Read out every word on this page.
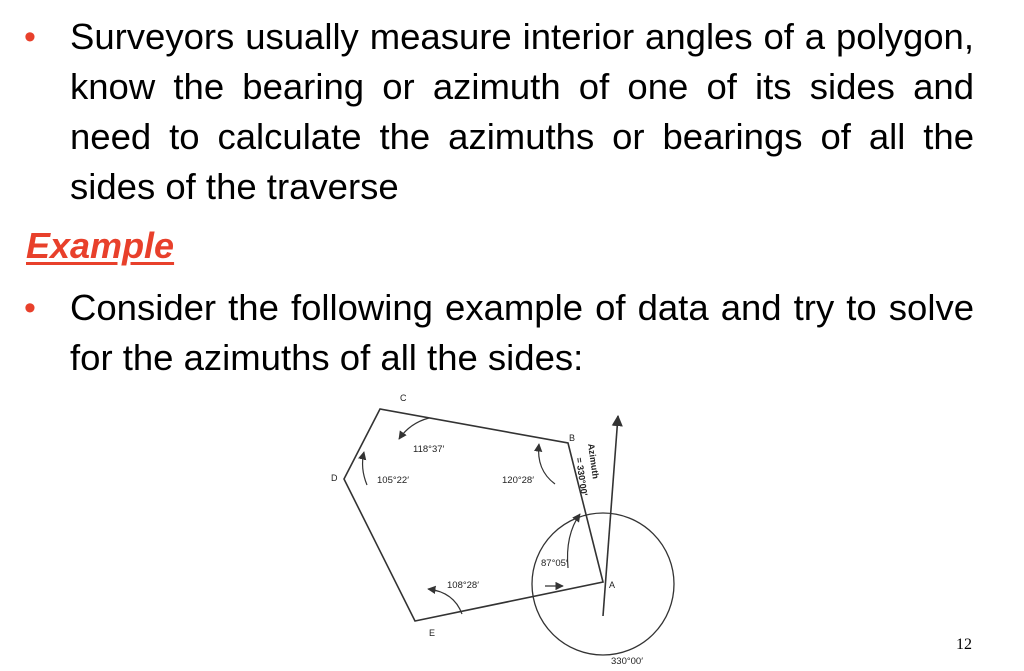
• Surveyors usually measure interior angles of a polygon, know the bearing or azimuth of one of its sides and need to calculate the azimuths or bearings of all the sides of the traverse
Example
• Consider the following example of data and try to solve for the azimuths of all the sides:
C
D
B
A
E
118°37′
105°22′	120°28′
87°05′
108°28′
Azimuth
= 330°00′
330°00′
12
